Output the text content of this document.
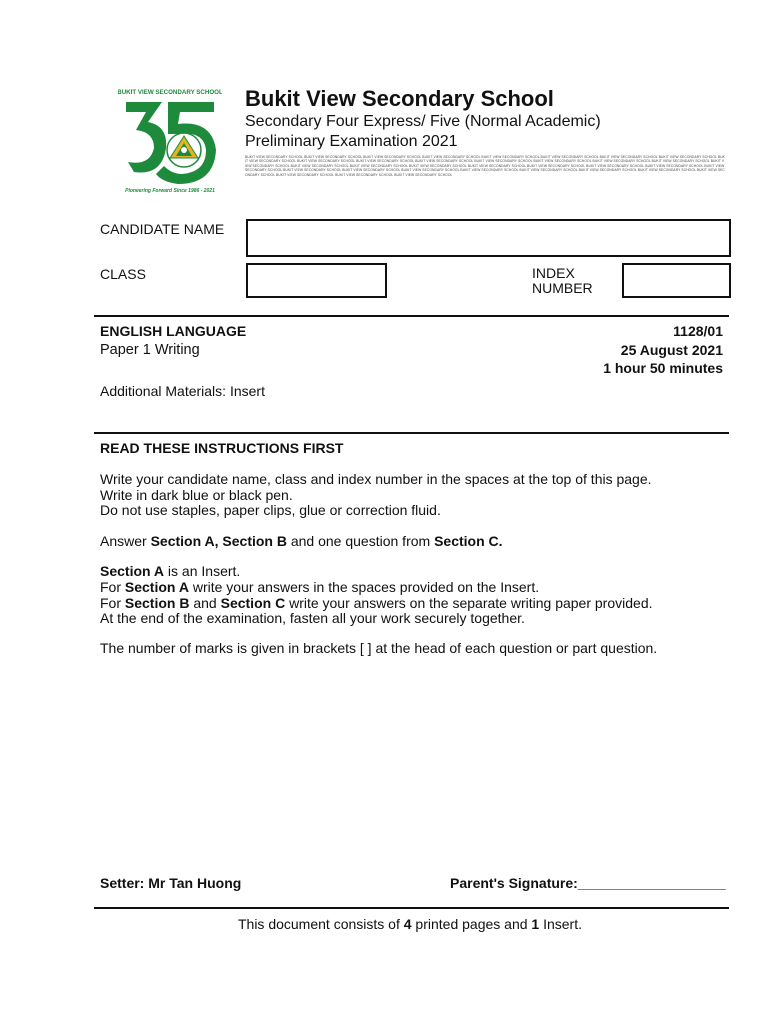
BUKIT VIEW SECONDARY SCHOOL
Pioneering Forward Since 1986 - 2021
Bukit View Secondary School
Secondary Four Express/ Five (Normal Academic)
Preliminary Examination 2021
BUKIT VIEW SECONDARY SCHOOL BUKIT VIEW SECONDARY SCHOOL BUKIT VIEW SECONDARY SCHOOL BUKIT VIEW SECONDARY SCHOOL BUKIT VIEW SECONDARY SCHOOL BUKIT VIEW SECONDARY SCHOOL BUKIT VIEW SECONDARY SCHOOL BUKIT VIEW SECONDARY SCHOOL BUKIT VIEW SECONDARY SCHOOL BUKIT VIEW SECONDARY SCHOOL BUKIT VIEW SECONDARY SCHOOL BUKIT VIEW SECONDARY SCHOOL BUKIT VIEW SECONDARY SCHOOL BUKIT VIEW SECONDARY SCHOOL BUKIT VIEW SECONDARY SCHOOL BUKIT VIEW SECONDARY SCHOOL BUKIT VIEW SECONDARY SCHOOL BUKIT VIEW SECONDARY SCHOOL BUKIT VIEW SECONDARY SCHOOL BUKIT VIEW SECONDARY SCHOOL BUKIT VIEW SECONDARY SCHOOL BUKIT VIEW SECONDARY SCHOOL BUKIT VIEW SECONDARY SCHOOL BUKIT VIEW SECONDARY SCHOOL BUKIT VIEW SECONDARY SCHOOL BUKIT VIEW SECONDARY SCHOOL BUKIT VIEW SECONDARY SCHOOL BUKIT VIEW SECONDARY SCHOOL BUKIT VIEW SECONDARY SCHOOL BUKIT VIEW SECONDARY SCHOOL BUKIT VIEW SECONDARY SCHOOL BUKIT VIEW SECONDARY SCHOOL BUKIT VIEW SECONDARY SCHOOL BUKIT VIEW SECONDARY SCHOOL BUKIT VIEW SECONDARY SCHOOL BUKIT VIEW SECONDARY SCHOOL
CANDIDATE NAME
CLASS	INDEX
NUMBER
ENGLISH LANGUAGE
Paper 1 Writing
1128/01
25 August 2021
1 hour 50 minutes
Additional Materials: Insert
READ THESE INSTRUCTIONS FIRST
Write your candidate name, class and index number in the spaces at the top of this page.
Write in dark blue or black pen.
Do not use staples, paper clips, glue or correction fluid.
Answer Section A, Section B and one question from Section C.
Section A is an Insert.
For Section A write your answers in the spaces provided on the Insert.
For Section B and Section C write your answers on the separate writing paper provided.
At the end of the examination, fasten all your work securely together.
The number of marks is given in brackets [ ] at the head of each question or part question.
Setter: Mr Tan Huong	Parent's Signature:___________________
This document consists of 4 printed pages and 1 Insert.
